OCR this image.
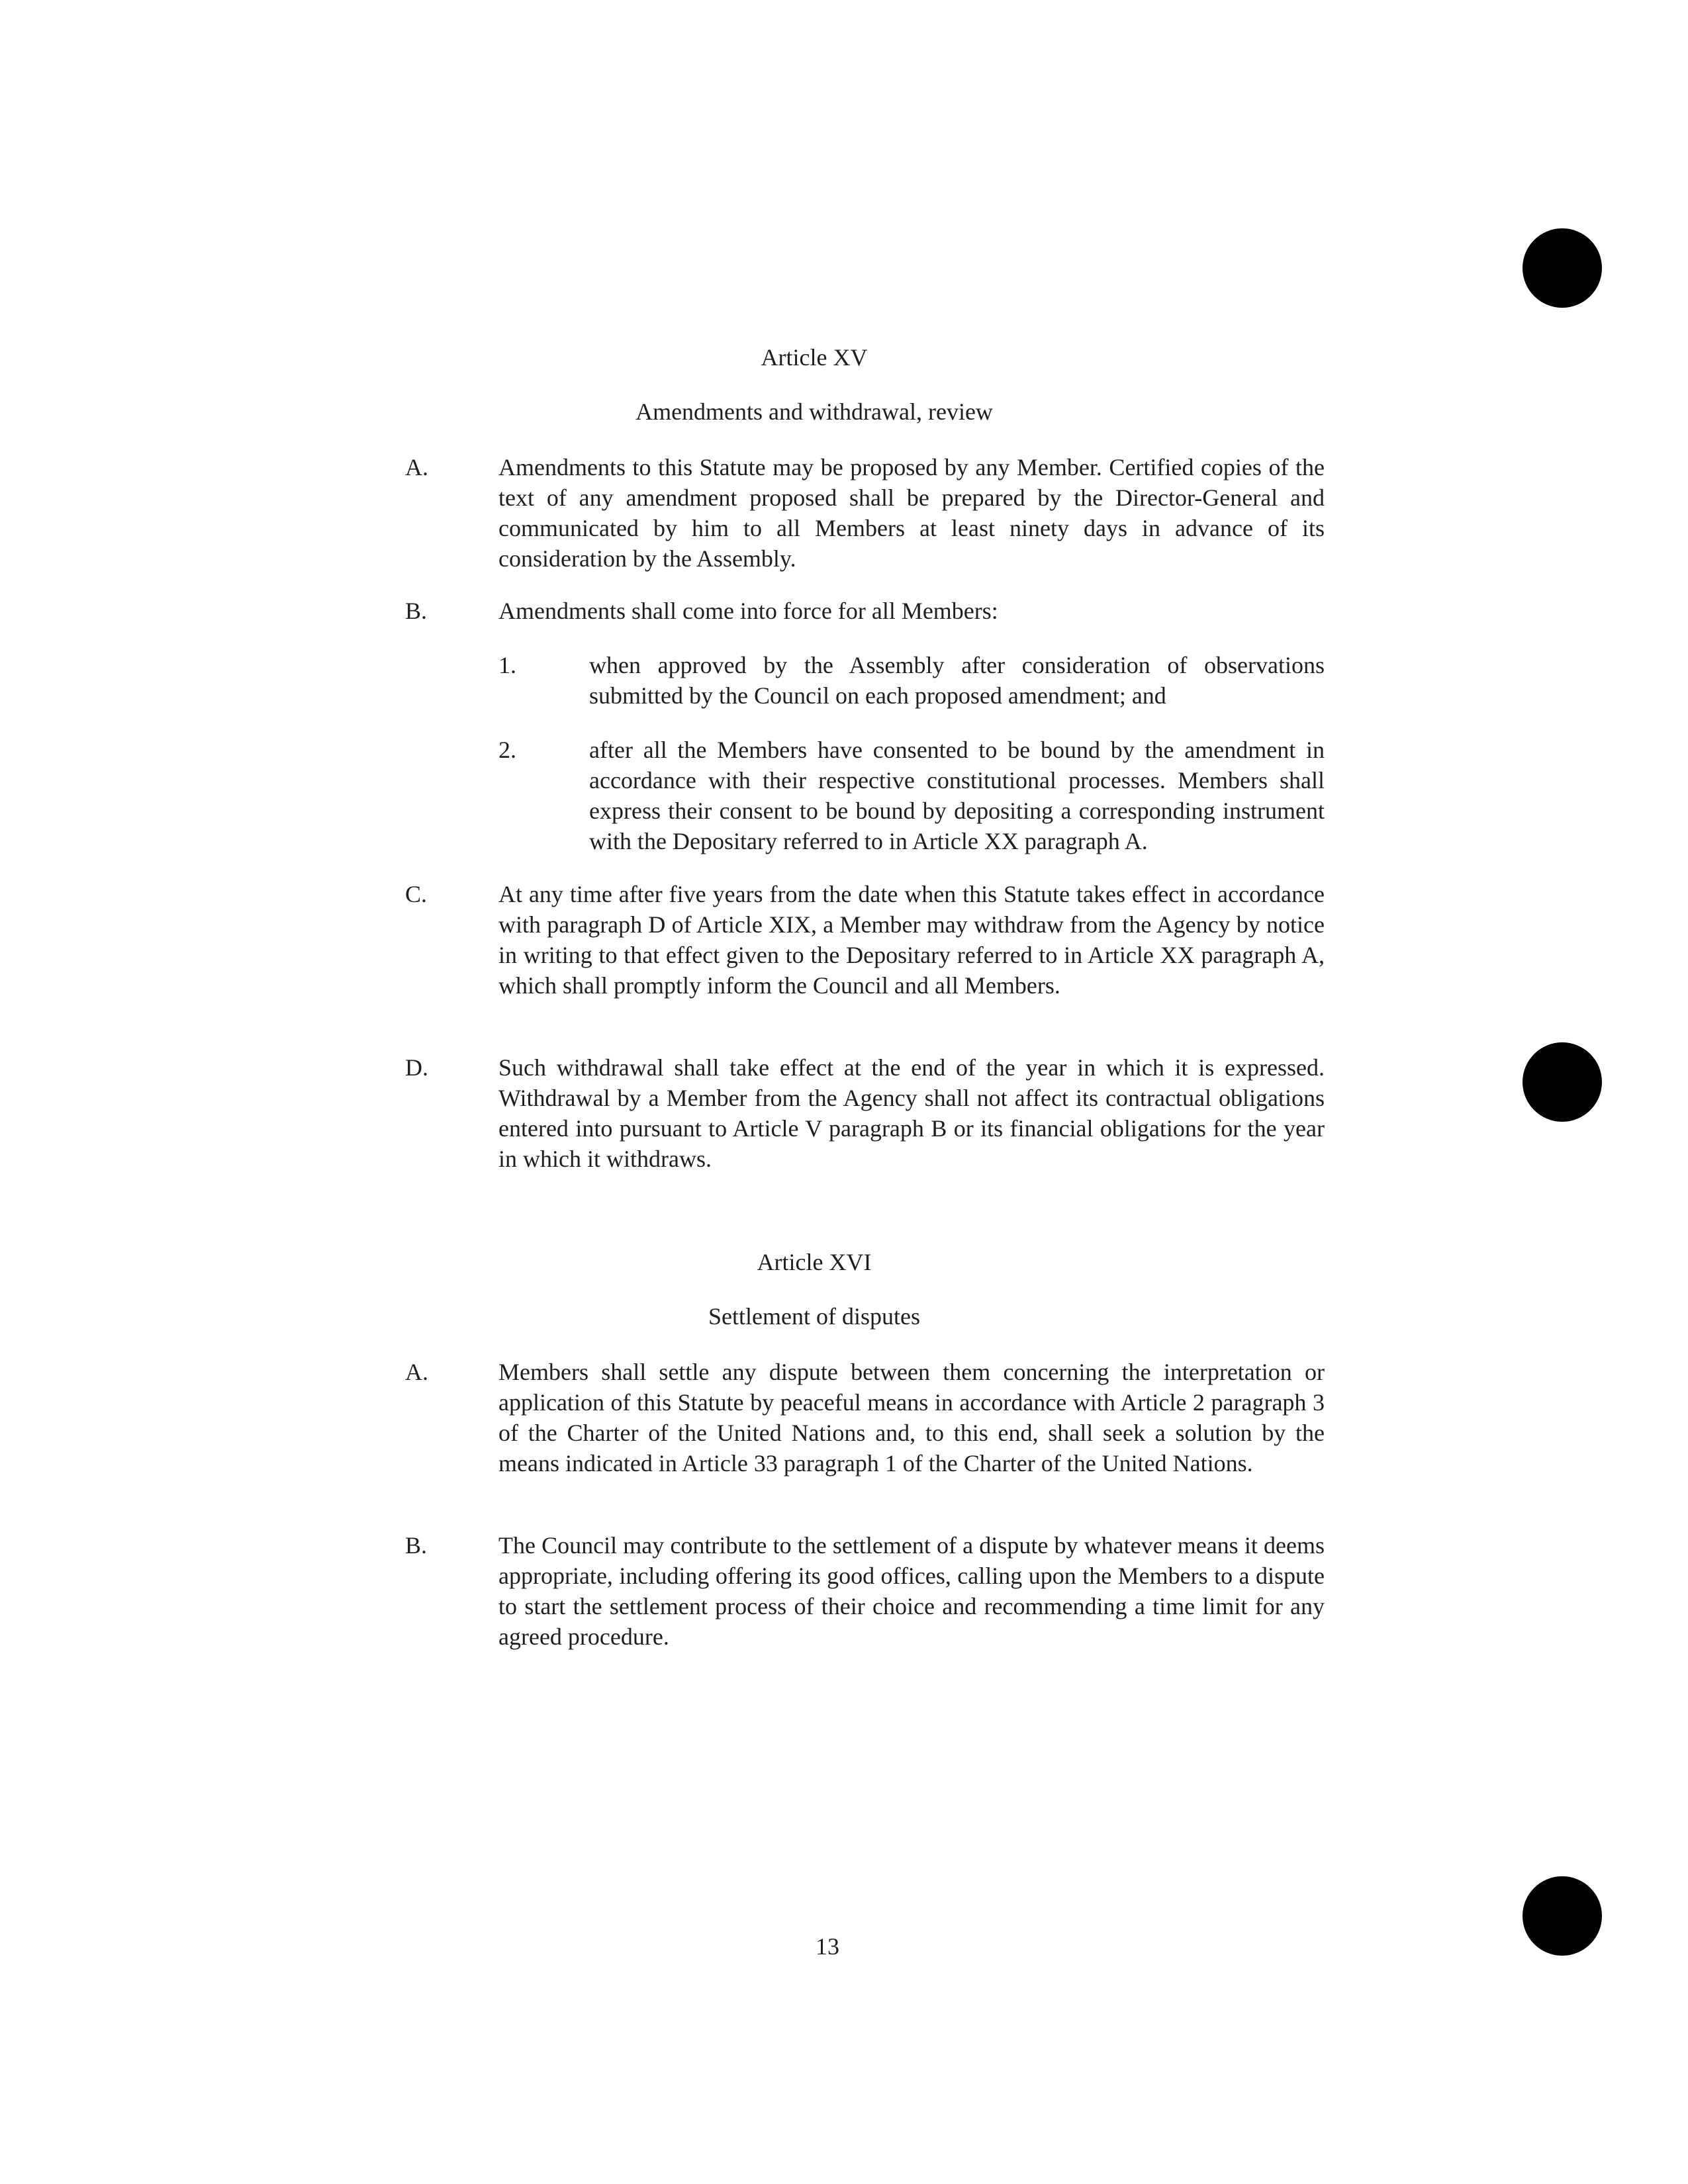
Article XV
Amendments and withdrawal, review
A.	Amendments to this Statute may be proposed by any Member. Certified copies of the text of any amendment proposed shall be prepared by the Director-General and communicated by him to all Members at least ninety days in advance of its consideration by the Assembly.
B.	Amendments shall come into force for all Members:
1.	when approved by the Assembly after consideration of observations submitted by the Council on each proposed amendment; and
2.	after all the Members have consented to be bound by the amendment in accordance with their respective constitutional processes. Members shall express their consent to be bound by depositing a corresponding instrument with the Depositary referred to in Article XX paragraph A.
C.	At any time after five years from the date when this Statute takes effect in accordance with paragraph D of Article XIX, a Member may withdraw from the Agency by notice in writing to that effect given to the Depositary referred to in Article XX paragraph A, which shall promptly inform the Council and all Members.
D.	Such withdrawal shall take effect at the end of the year in which it is expressed. Withdrawal by a Member from the Agency shall not affect its contractual obligations entered into pursuant to Article V paragraph B or its financial obligations for the year in which it withdraws.
Article XVI
Settlement of disputes
A.	Members shall settle any dispute between them concerning the interpretation or application of this Statute by peaceful means in accordance with Article 2 paragraph 3 of the Charter of the United Nations and, to this end, shall seek a solution by the means indicated in Article 33 paragraph 1 of the Charter of the United Nations.
B.	The Council may contribute to the settlement of a dispute by whatever means it deems appropriate, including offering its good offices, calling upon the Members to a dispute to start the settlement process of their choice and recommending a time limit for any agreed procedure.
13
